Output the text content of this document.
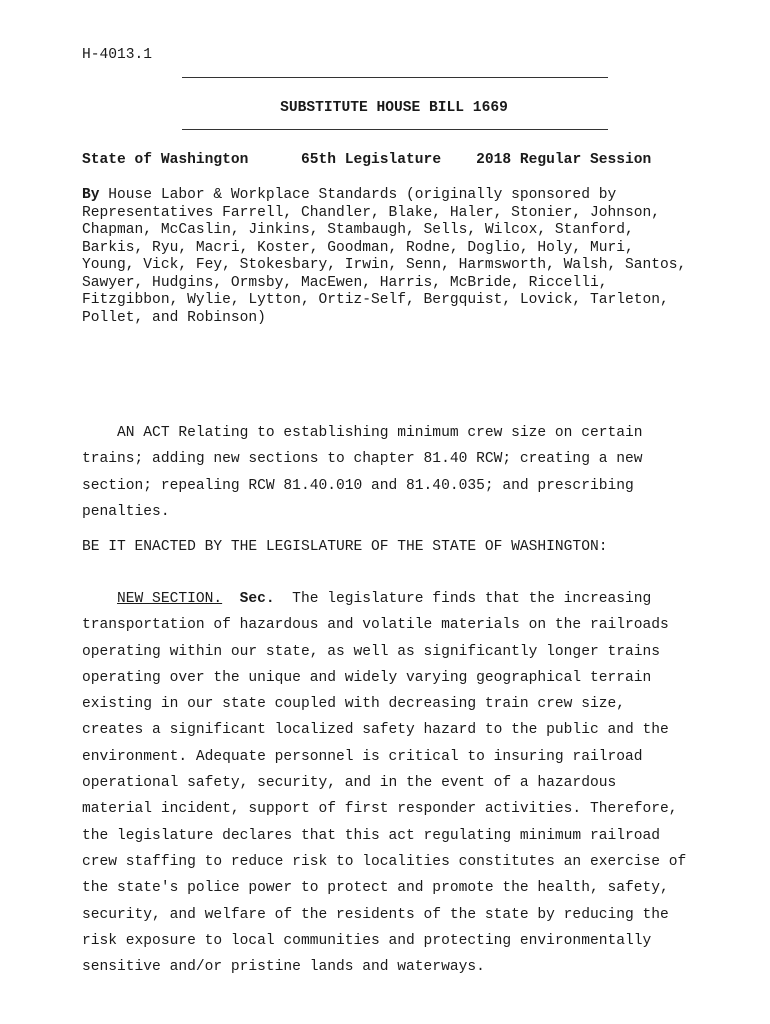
H-4013.1
SUBSTITUTE HOUSE BILL 1669
State of Washington	65th Legislature 2018 Regular Session
By House Labor & Workplace Standards (originally sponsored by
Representatives Farrell, Chandler, Blake, Haler, Stonier, Johnson,
Chapman, McCaslin, Jinkins, Stambaugh, Sells, Wilcox, Stanford,
Barkis, Ryu, Macri, Koster, Goodman, Rodne, Doglio, Holy, Muri,
Young, Vick, Fey, Stokesbary, Irwin, Senn, Harmsworth, Walsh, Santos,
Sawyer, Hudgins, Ormsby, MacEwen, Harris, McBride, Riccelli,
Fitzgibbon, Wylie, Lytton, Ortiz-Self, Bergquist, Lovick, Tarleton,
Pollet, and Robinson)
AN ACT Relating to establishing minimum crew size on certain
trains; adding new sections to chapter 81.40 RCW; creating a new
section; repealing RCW 81.40.010 and 81.40.035; and prescribing
penalties.
BE IT ENACTED BY THE LEGISLATURE OF THE STATE OF WASHINGTON:
NEW SECTION. Sec.  The legislature finds that the increasing
transportation of hazardous and volatile materials on the railroads
operating within our state, as well as significantly longer trains
operating over the unique and widely varying geographical terrain
existing in our state coupled with decreasing train crew size,
creates a significant localized safety hazard to the public and the
environment. Adequate personnel is critical to insuring railroad
operational safety, security, and in the event of a hazardous
material incident, support of first responder activities. Therefore,
the legislature declares that this act regulating minimum railroad
crew staffing to reduce risk to localities constitutes an exercise of
the state's police power to protect and promote the health, safety,
security, and welfare of the residents of the state by reducing the
risk exposure to local communities and protecting environmentally
sensitive and/or pristine lands and waterways.
